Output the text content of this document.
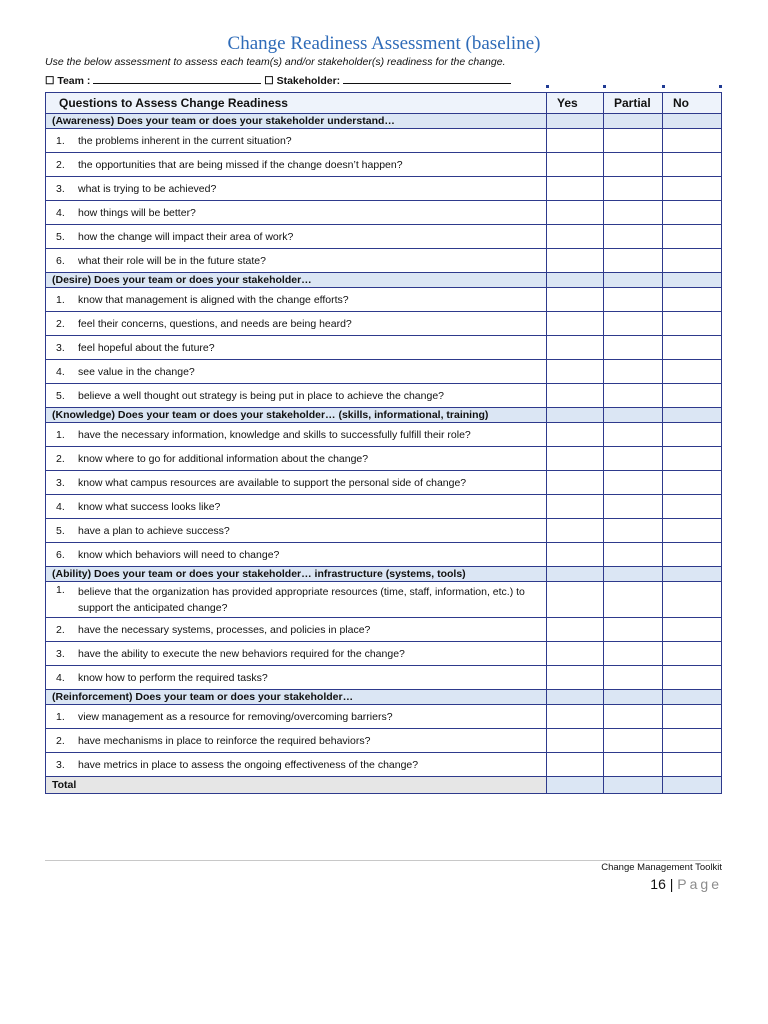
Change Readiness Assessment (baseline)
Use the below assessment to assess each team(s) and/or stakeholder(s) readiness for the change.
☐ Team :	☐ Stakeholder:
Questions to Assess Change Readiness	Yes	Partial	No
(Awareness) Does your team or does your stakeholder understand…			

1. the problems inherent in the current situation?			

2. the opportunities that are being missed if the change doesn’t happen?			

3. what is trying to be achieved?			

4. how things will be better?			

5. how the change will impact their area of work?			

6. what their role will be in the future state?			

(Desire) Does your team or does your stakeholder…			

1. know that management is aligned with the change efforts?			

2. feel their concerns, questions, and needs are being heard?			

3. feel hopeful about the future?			

4. see value in the change?			

5. believe a well thought out strategy is being put in place to achieve the change?			

(Knowledge) Does your team or does your stakeholder… (skills, informational, training)			

1. have the necessary information, knowledge and skills to successfully fulfill their role?			

2. know where to go for additional information about the change?			

3. know what campus resources are available to support the personal side of change?			

4. know what success looks like?			

5. have a plan to achieve success?			

6. know which behaviors will need to change?			

(Ability) Does your team or does your stakeholder… infrastructure (systems, tools)			

1. believe that the organization has provided appropriate resources (time, staff, information, etc.) to support the anticipated change?			

2. have the necessary systems, processes, and policies in place?			

3. have the ability to execute the new behaviors required for the change?			

4. know how to perform the required tasks?			

(Reinforcement) Does your team or does your stakeholder…			

1. view management as a resource for removing/overcoming barriers?			

2. have mechanisms in place to reinforce the required behaviors?			

3. have metrics in place to assess the ongoing effectiveness of the change?			

Total			
Change Management Toolkit
16 | Page
